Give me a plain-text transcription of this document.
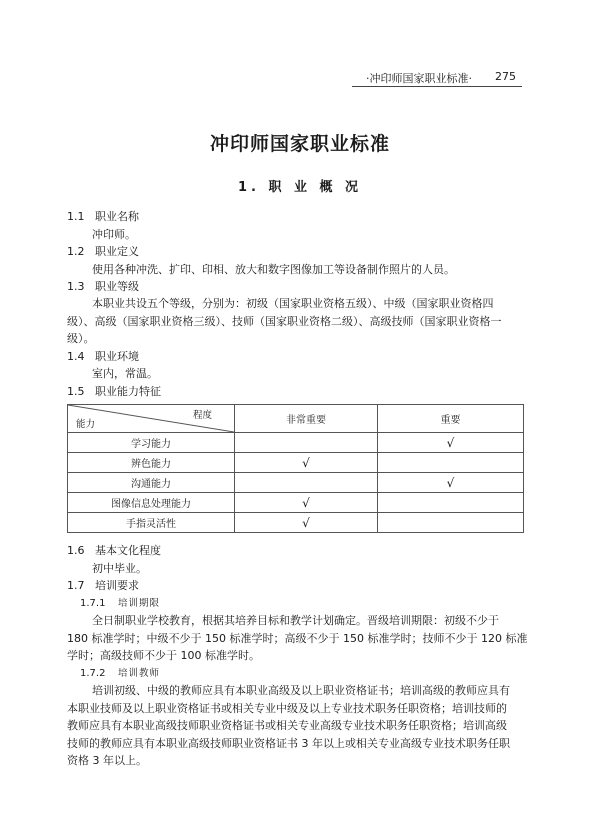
·冲印师国家职业标准· 275
冲印师国家职业标准
1. 职 业 概 况
1.1 职业名称
冲印师。
1.2 职业定义
使用各种冲洗、扩印、印相、放大和数字图像加工等设备制作照片的人员。
1.3 职业等级
本职业共设五个等级，分别为：初级（国家职业资格五级）、中级（国家职业资格四
级）、高级（国家职业资格三级）、技师（国家职业资格二级）、高级技师（国家职业资格一
级）。
1.4 职业环境
室内，常温。
1.5 职业能力特征
程度
能力	非常重要	重要
学习能力		√
辨色能力	√	
沟通能力		√
图像信息处理能力	√	
手指灵活性	√	
1.6 基本文化程度
初中毕业。
1.7 培训要求
1.7.1 培训期限
全日制职业学校教育，根据其培养目标和教学计划确定。晋级培训期限：初级不少于
180 标准学时；中级不少于 150 标准学时；高级不少于 150 标准学时；技师不少于 120 标准
学时；高级技师不少于 100 标准学时。
1.7.2 培训教师
培训初级、中级的教师应具有本职业高级及以上职业资格证书；培训高级的教师应具有
本职业技师及以上职业资格证书或相关专业中级及以上专业技术职务任职资格；培训技师的
教师应具有本职业高级技师职业资格证书或相关专业高级专业技术职务任职资格；培训高级
技师的教师应具有本职业高级技师职业资格证书 3 年以上或相关专业高级专业技术职务任职
资格 3 年以上。
